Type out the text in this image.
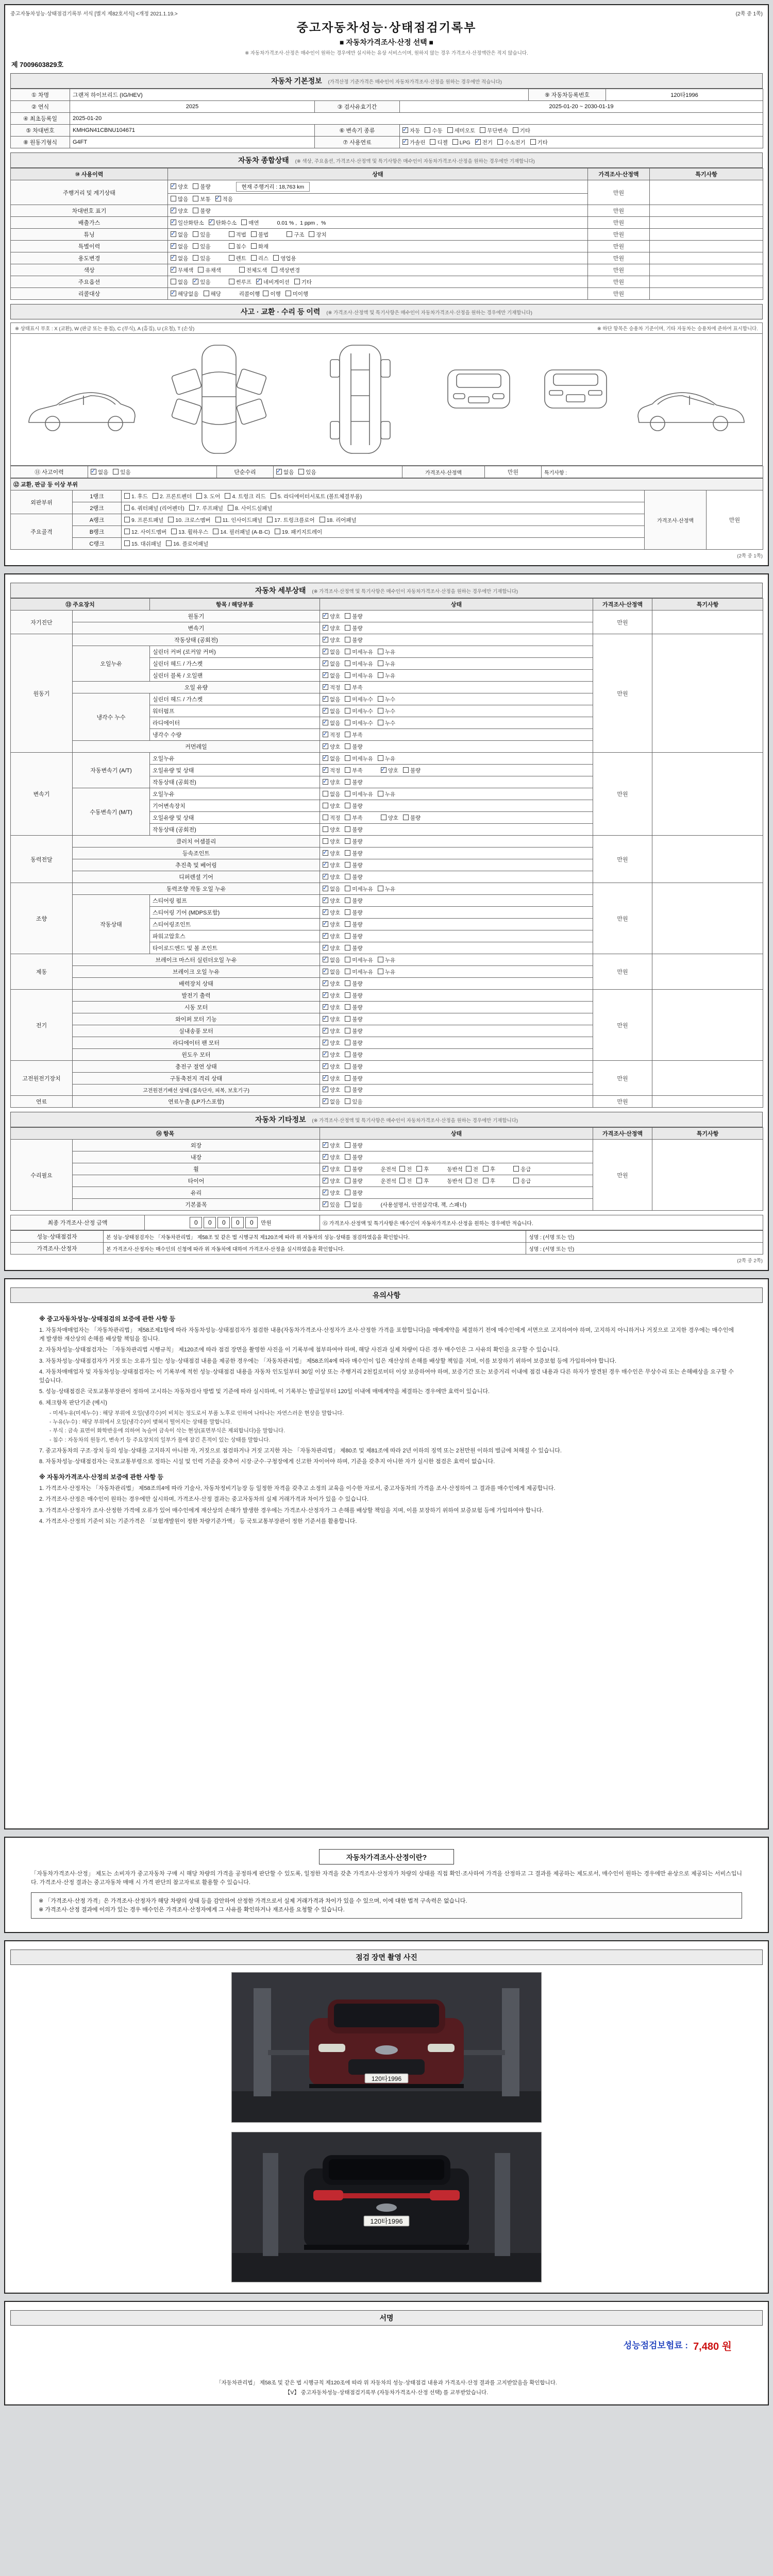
중고자동차성능·상태점검기록부 서식 [별지 제82호서식] <개정 2021.1.19.>	(2쪽 중 1쪽)
중고자동차성능·상태점검기록부
■ 자동차가격조사·산정 선택 ■
※ 자동차가격조사·산정은 매수인이 원하는 경우에만 실시하는 유상 서비스이며, 원하지 않는 경우 가격조사·산정액란은 적지 않습니다.
제 7009603829호
자동차 기본정보 (가격산정 기준가격은 매수인이 자동차가격조사·산정을 원하는 경우에만 적습니다)
① 차명	그랜저 하이브리드 (IG/HEV)			⑨ 자동차등록번호	120타1996
② 연식	2025	③ 검사유효기간	2025-01-20 ~ 2030-01-19		
④ 최초등록일	2025-01-20				
⑤ 차대번호	KMHGN41CBNU104671	⑥ 변속기 종류	✓자동 수동 세미오토 무단변속 기타
⑧ 원동기형식	G4FT	⑦ 사용연료	✓가솔린 디젤 LPG ✓ 전기 수소전기 기타
자동차 종합상태 (※ 색상, 주요옵션, 가격조사·산정액 및 특기사항은 매수인이 자동차가격조사·산정을 원하는 경우에만 기재합니다)
⑩ 사용이력	상태	가격조사·산정액	특기사항
주행거리 및 계기상태	✓양호 불량 현재 주행거리 : 18,763 km	만원	
	많음 보통 ✓ 적음
차대번호 표기	✓양호 불량	만원	
배출가스	✓일산화탄소 ✓ 탄화수소 매연 0.01 % , 1 ppm , %	만원	
튜닝	✓없음 있음 적법 불법 구조 장치	만원	
특별이력	✓없음 있음 침수 화재	만원	
용도변경	✓없음 있음 렌트 리스 영업용	만원	
색상	✓무채색 유채색 전체도색 색상변경	만원	
주요옵션	없음 ✓ 있음 썬루프 ✓ 네비게이션 기타	만원	
리콜대상	✓해당없음 해당 리콜이행 이행 미이행	만원	
사고 · 교환 · 수리 등 이력 (※ 가격조사·산정액 및 특기사항은 매수인이 자동차가격조사·산정을 원하는 경우에만 기재합니다)
※ 상태표시 부호 : X (교환), W (판금 또는 용접), C (부식), A (흠집), U (요철), T (손상)	※ 하단 항목은 승용차 기준이며, 기타 자동차는 승용차에 준하여 표시합니다.
⑪ 사고이력	✓없음 있음	단순수리	✓없음 있음	가격조사·산정액	만원	특기사항 :
⑫ 교환, 판금 등 이상 부위				
외판부위	1랭크	1. 후드 2. 프론트펜더 3. 도어 4. 트렁크 리드 5. 라디에이터서포트 (볼트체결부품)	가격조사·산정액	만원
	2랭크	6. 쿼터패널 (리어펜더) 7. 루프패널 8. 사이드실패널		
주요골격	A랭크	9. 프론트패널 10. 크로스멤버 11. 인사이드패널 17. 트렁크플로어 18. 리어패널		
	B랭크	12. 사이드멤버 13. 휠하우스 14. 필러패널 (A·B·C) 19. 패키지트레이		
	C랭크	15. 대쉬패널 16. 플로어패널		
(2쪽 중 1쪽)
자동차 세부상태 (※ 가격조사·산정액 및 특기사항은 매수인이 자동차가격조사·산정을 원하는 경우에만 기재합니다)
⑬ 주요장치		항목 / 해당부품	상태	가격조사·산정액	특기사항
자기진단	원동기	✓양호 불량	만원	
	변속기	✓양호 불량
원동기	작동상태 (공회전)	✓양호 불량	만원	
	오일누유	실린더 커버 (로커암 커버)	✓없음 미세누유 누유
		실린더 헤드 / 가스켓	✓없음 미세누유 누유
		실린더 블록 / 오일팬	✓없음 미세누유 누유
	오일 유량	✓적정 부족
	냉각수 누수	실린더 헤드 / 가스켓	✓없음 미세누수 누수
		워터펌프	✓없음 미세누수 누수
		라디에이터	✓없음 미세누수 누수
		냉각수 수량	✓적정 부족
	커먼레일	✓양호 불량
변속기	자동변속기 (A/T)	오일누유	✓없음 미세누유 누유	만원	
		오일유량 및 상태	✓적정 부족 ✓ 양호 불량
		작동상태 (공회전)	✓양호 불량
	수동변속기 (M/T)	오일누유	없음 미세누유 누유		
		기어변속장치	양호 불량		
		오일유량 및 상태	적정 부족 양호 불량		
		작동상태 (공회전)	양호 불량		
동력전달	클러치 어셈블리		양호 불량	만원	
	등속조인트	✓양호 불량
	추진축 및 베어링	✓양호 불량
	디퍼렌셜 기어	✓양호 불량
조향	동력조향 작동 오일 누유	✓없음 미세누유 누유	만원	
	작동상태	스티어링 펌프	✓양호 불량
		스티어링 기어 (MDPS포함)	✓양호 불량
		스티어링조인트	✓양호 불량
		파워고압호스	✓양호 불량
		타이로드엔드 및 볼 조인트	✓양호 불량
제동	브레이크 마스터 실린더오일 누유	✓없음 미세누유 누유	만원	
	브레이크 오일 누유	✓없음 미세누유 누유
	배력장치 상태	✓양호 불량
전기	발전기 출력	✓양호 불량	만원	
	시동 모터	✓양호 불량
	와이퍼 모터 기능	✓양호 불량
	실내송풍 모터	✓양호 불량
	라디에이터 팬 모터	✓양호 불량
	윈도우 모터	✓양호 불량
고전원전기장치	충전구 절연 상태	✓양호 불량	만원	
	구동축전지 격리 상태	✓양호 불량
	고전원전기배선 상태 (접속단자, 피복, 보호기구)	✓양호 불량
연료	연료누출 (LP가스포함)	✓없음 있음	만원	
자동차 기타정보 (※ 가격조사·산정액 및 특기사항은 매수인이 자동차가격조사·산정을 원하는 경우에만 기재합니다)
⑭ 항목		상태	가격조사·산정액	특기사항
수리필요	외장	✓양호 불량	만원	
	내장	✓양호 불량
	휠	✓양호 불량 운전석 전 후 동반석 전 후 응급
	타이어	✓양호 불량 운전석 전 후 동반석 전 후 응급
	유리	✓양호 불량
	기본품목	✓있음 없음 (사용설명서, 안전삼각대, 잭, 스패너)
최종 가격조사·산정 금액	0 0 0 0 0 만원	⑮ 가격조사·산정액 및 특기사항은 매수인이 자동차가격조사·산정을 원하는 경우에만 적습니다.
성능·상태점검자	본 성능·상태점검자는 「자동차관리법」 제58조 및 같은 법 시행규칙 제120조에 따라 위 자동차의 성능·상태를 점검하였음을 확인합니다.	성명 : (서명 또는 인)
가격조사·산정자	본 가격조사·산정자는 매수인의 신청에 따라 위 자동차에 대하여 가격조사·산정을 실시하였음을 확인합니다.	성명 : (서명 또는 인)
(2쪽 중 2쪽)
유의사항
※ 중고자동차성능·상태점검의 보증에 관한 사항 등
1. 자동차매매업자는 「자동차관리법」 제58조제1항에 따라 자동차성능·상태점검자가 점검한 내용(자동차가격조사·산정자가 조사·산정한 가격을 포함합니다)을 매매계약을 체결하기 전에 매수인에게 서면으로 고지하여야 하며, 고지하지 아니하거나 거짓으로 고지한 경우에는 매수인에게 발생한 재산상의 손해를 배상할 책임을 집니다.
2. 자동차성능·상태점검자는 「자동차관리법 시행규칙」 제120조에 따라 점검 장면을 촬영한 사진을 이 기록부에 첨부하여야 하며, 해당 사진과 실제 차량이 다른 경우 매수인은 그 사유의 확인을 요구할 수 있습니다.
3. 자동차성능·상태점검자가 거짓 또는 오류가 있는 성능·상태점검 내용을 제공한 경우에는 「자동차관리법」 제58조의4에 따라 매수인이 입은 재산상의 손해를 배상할 책임을 지며, 이를 보장하기 위하여 보증보험 등에 가입하여야 합니다.
4. 자동차매매업자 및 자동차성능·상태점검자는 이 기록부에 적힌 성능·상태점검 내용을 자동차 인도일부터 30일 이상 또는 주행거리 2천킬로미터 이상 보증하여야 하며, 보증기간 또는 보증거리 이내에 점검 내용과 다른 하자가 발견된 경우 매수인은 무상수리 또는 손해배상을 요구할 수 있습니다.
5. 성능·상태점검은 국토교통부장관이 정하여 고시하는 자동차검사 방법 및 기준에 따라 실시하며, 이 기록부는 발급일부터 120일 이내에 매매계약을 체결하는 경우에만 효력이 있습니다.
6. 체크항목 판단기준 (예시)
- 미세누유(미세누수) : 해당 부위에 오일(냉각수)이 비치는 정도로서 부품 노후로 인하여 나타나는 자연스러운 현상을 말합니다.
- 누유(누수) : 해당 부위에서 오일(냉각수)이 맺혀서 떨어지는 상태를 말합니다.
- 부식 : 금속 표면이 화학반응에 의하여 녹슬어 금속이 삭는 현상(표면부식은 제외합니다)을 말합니다.
- 침수 : 자동차의 원동기, 변속기 등 주요장치의 일부가 물에 잠긴 흔적이 있는 상태를 말합니다.
7. 중고자동차의 구조·장치 등의 성능·상태를 고지하지 아니한 자, 거짓으로 점검하거나 거짓 고지한 자는 「자동차관리법」 제80조 및 제81조에 따라 2년 이하의 징역 또는 2천만원 이하의 벌금에 처해질 수 있습니다.
8. 자동차성능·상태점검자는 국토교통부령으로 정하는 시설 및 인력 기준을 갖추어 시장·군수·구청장에게 신고한 자이어야 하며, 기준을 갖추지 아니한 자가 실시한 점검은 효력이 없습니다.
※ 자동차가격조사·산정의 보증에 관한 사항 등
1. 가격조사·산정자는 「자동차관리법」 제58조의4에 따라 기술사, 자동차정비기능장 등 일정한 자격을 갖추고 소정의 교육을 이수한 자로서, 중고자동차의 가격을 조사·산정하여 그 결과를 매수인에게 제공합니다.
2. 가격조사·산정은 매수인이 원하는 경우에만 실시하며, 가격조사·산정 결과는 중고자동차의 실제 거래가격과 차이가 있을 수 있습니다.
3. 가격조사·산정자가 조사·산정한 가격에 오류가 있어 매수인에게 재산상의 손해가 발생한 경우에는 가격조사·산정자가 그 손해를 배상할 책임을 지며, 이를 보장하기 위하여 보증보험 등에 가입하여야 합니다.
4. 가격조사·산정의 기준이 되는 기준가격은 「보험개발원이 정한 차량기준가액」 등 국토교통부장관이 정한 기준서를 활용합니다.
자동차가격조사·산정이란?
「자동차가격조사·산정」 제도는 소비자가 중고자동차 구매 시 해당 차량의 가격을 공정하게 판단할 수 있도록, 일정한 자격을 갖춘 가격조사·산정자가 차량의 상태를 직접 확인·조사하여 가격을 산정하고 그 결과를 제공하는 제도로서, 매수인이 원하는 경우에만 유상으로 제공되는 서비스입니다. 가격조사·산정 결과는 중고자동차 매매 시 가격 판단의 참고자료로 활용할 수 있습니다.
※ 「가격조사·산정 가격」은 가격조사·산정자가 해당 차량의 상태 등을 감안하여 산정한 가격으로서 실제 거래가격과 차이가 있을 수 있으며, 이에 대한 법적 구속력은 없습니다.
※ 가격조사·산정 결과에 이의가 있는 경우 매수인은 가격조사·산정자에게 그 사유를 확인하거나 재조사를 요청할 수 있습니다.
점검 장면 촬영 사진
120타1996
120타1996
서명
성능점검보험료 : 7,480 원
「자동차관리법」 제58조 및 같은 법 시행규칙 제120조에 따라 위 자동차의 성능·상태점검 내용과 가격조사·산정 결과를 고지받았음을 확인합니다.
【V】 중고자동차성능·상태점검기록부 (자동차가격조사·산정 선택) 를 교부받았습니다.
